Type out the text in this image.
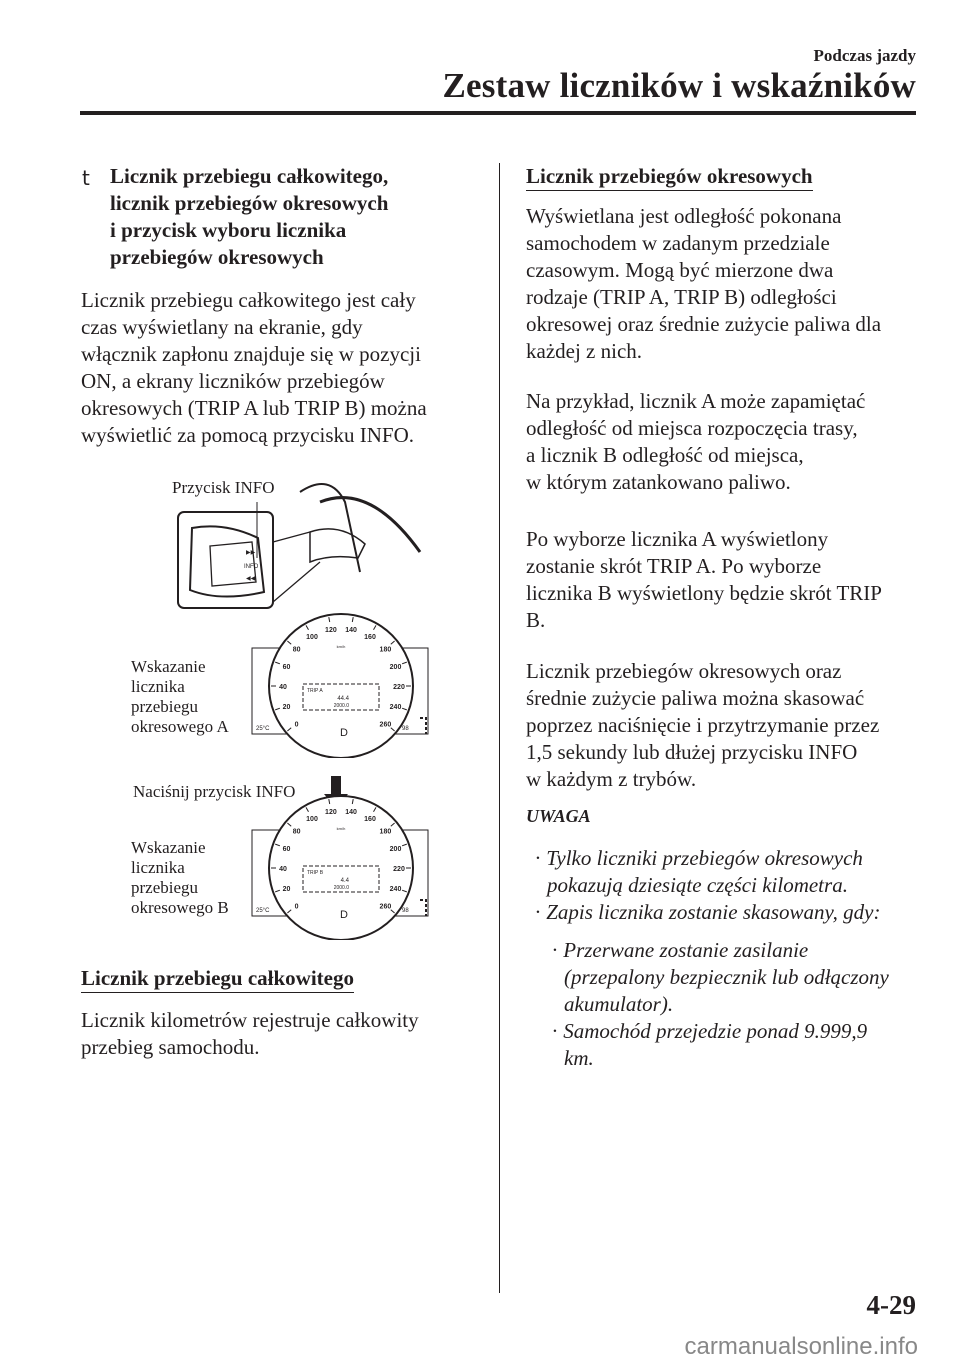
Podczas jazdy
Zestaw liczników i wskaźników
t Licznik przebiegu całkowitego,
licznik przebiegów okresowych
i przycisk wyboru licznika
przebiegów okresowych
Licznik przebiegu całkowitego jest cały
czas wyświetlany na ekranie, gdy
włącznik zapłonu znajduje się w pozycji
ON, a ekrany liczników przebiegów
okresowych (TRIP A lub TRIP B) można
wyświetlić za pomocą przycisku INFO.
Przycisk INFO
▶▶
INFO
◀◀
Wskazanie
licznika
przebiegu
okresowego A	0
20
40
60
80
100
120 140
160
180
200
220
240
260
km/h
TRIP A
44.4
2000.0
D
25°C	98
Naciśnij przycisk INFO
Wskazanie
licznika
przebiegu
okresowego B	0
20
40
60
80
100
120 140
160
180
200
220
240
260
km/h
TRIP B
4.4
2000.0
D
25°C	98
Licznik przebiegu całkowitego
Licznik kilometrów rejestruje całkowity
przebieg samochodu.
Licznik przebiegów okresowych
Wyświetlana jest odległość pokonana
samochodem w zadanym przedziale
czasowym. Mogą być mierzone dwa
rodzaje (TRIP A, TRIP B) odległości
okresowej oraz średnie zużycie paliwa dla
każdej z nich.
Na przykład, licznik A może zapamiętać
odległość od miejsca rozpoczęcia trasy,
a licznik B odległość od miejsca,
w którym zatankowano paliwo.
Po wyborze licznika A wyświetlony
zostanie skrót TRIP A. Po wyborze
licznika B wyświetlony będzie skrót TRIP
B.
Licznik przebiegów okresowych oraz
średnie zużycie paliwa można skasować
poprzez naciśnięcie i przytrzymanie przez
1,5 sekundy lub dłużej przycisku INFO
w każdym z trybów.
UWAGA
· Tylko liczniki przebiegów okresowych
pokazują dziesiąte części kilometra.
· Zapis licznika zostanie skasowany, gdy:
· Przerwane zostanie zasilanie
(przepalony bezpiecznik lub odłączony
akumulator).
· Samochód przejedzie ponad 9.999,9
km.
4-29
carmanualsonline.info
